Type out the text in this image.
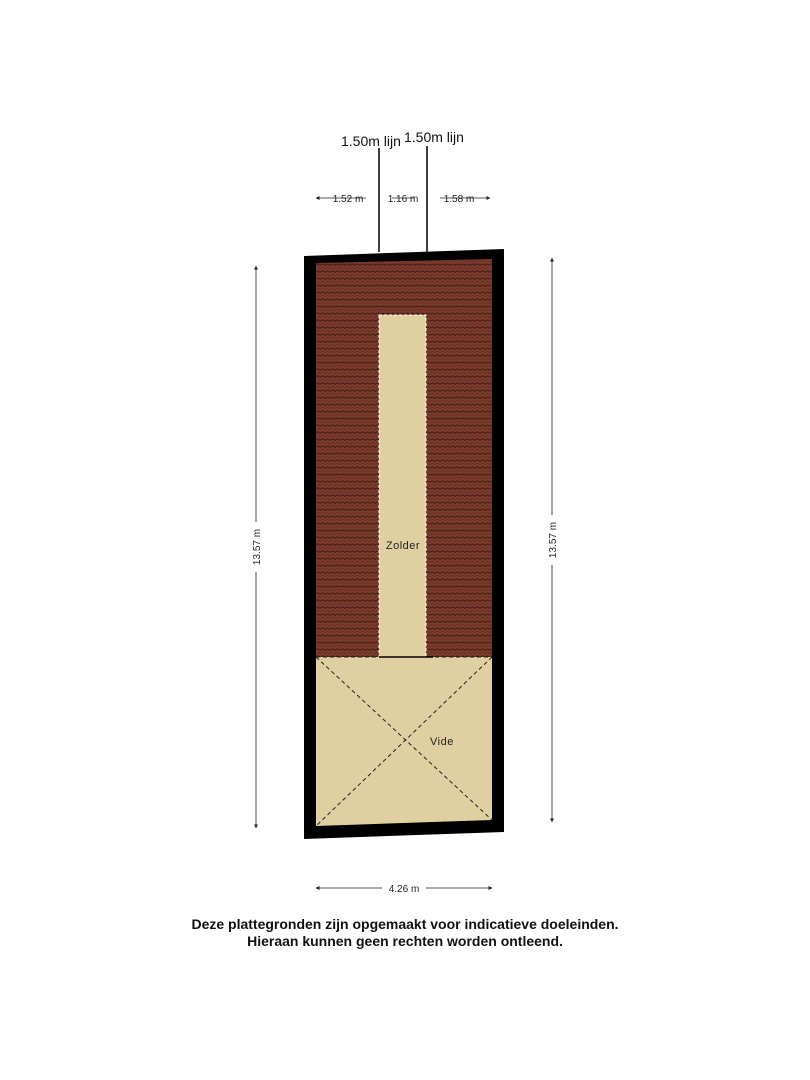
1.50m lijn 1.50m lijn
1.52 m 1.16 m	1.58 m
13.57 m	13.57 m
Vide
Zolder
4.26 m
Deze plattegronden zijn opgemaakt voor indicatieve doeleinden.
Hieraan kunnen geen rechten worden ontleend.
